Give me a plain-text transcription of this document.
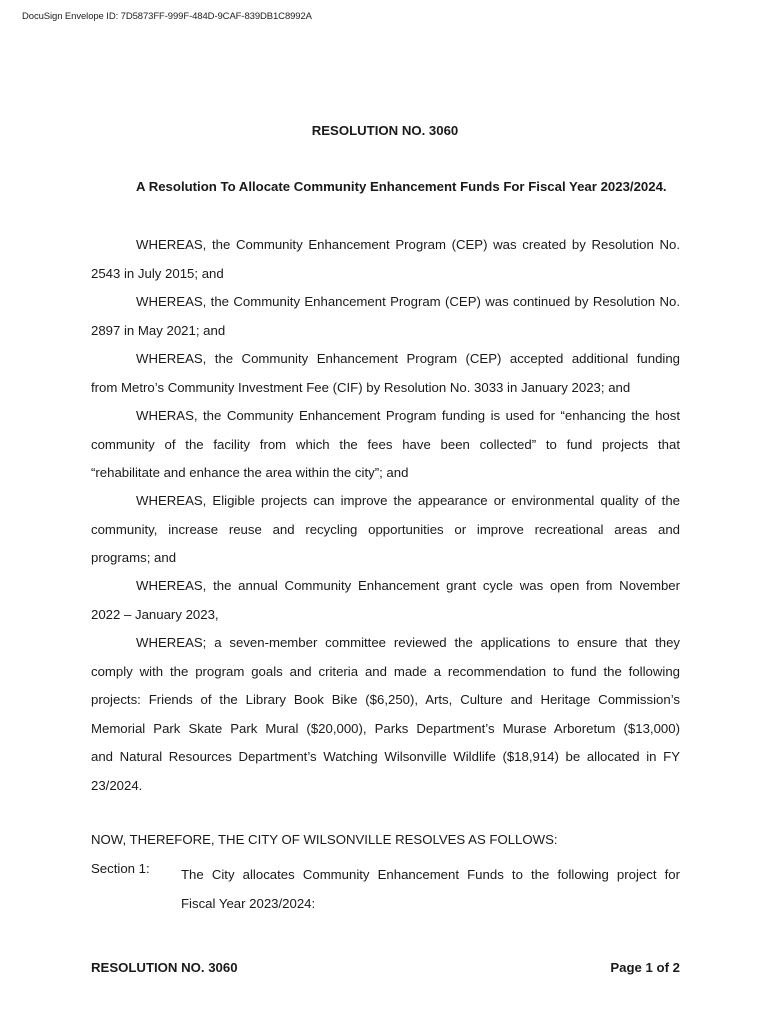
DocuSign Envelope ID: 7D5873FF-999F-484D-9CAF-839DB1C8992A
RESOLUTION NO. 3060
A Resolution To Allocate Community Enhancement Funds For Fiscal Year 2023/2024.
WHEREAS, the Community Enhancement Program (CEP) was created by Resolution No.
2543 in July 2015; and
WHEREAS, the Community Enhancement Program (CEP) was continued by Resolution No.
2897 in May 2021; and
WHEREAS, the Community Enhancement Program (CEP) accepted additional funding
from Metro’s Community Investment Fee (CIF) by Resolution No. 3033 in January 2023; and
WHERAS, the Community Enhancement Program funding is used for “enhancing the host
community of the facility from which the fees have been collected” to fund projects that
“rehabilitate and enhance the area within the city”; and
WHEREAS, Eligible projects can improve the appearance or environmental quality of the
community, increase reuse and recycling opportunities or improve recreational areas and
programs; and
WHEREAS, the annual Community Enhancement grant cycle was open from November
2022 – January 2023,
WHEREAS; a seven-member committee reviewed the applications to ensure that they
comply with the program goals and criteria and made a recommendation to fund the following
projects: Friends of the Library Book Bike ($6,250), Arts, Culture and Heritage Commission’s
Memorial Park Skate Park Mural ($20,000), Parks Department’s Murase Arboretum ($13,000)
and Natural Resources Department’s Watching Wilsonville Wildlife ($18,914) be allocated in FY
23/2024.
NOW, THEREFORE, THE CITY OF WILSONVILLE RESOLVES AS FOLLOWS:
Section 1: The City allocates Community Enhancement Funds to the following project for
Fiscal Year 2023/2024:
RESOLUTION NO. 3060	Page 1 of 2
